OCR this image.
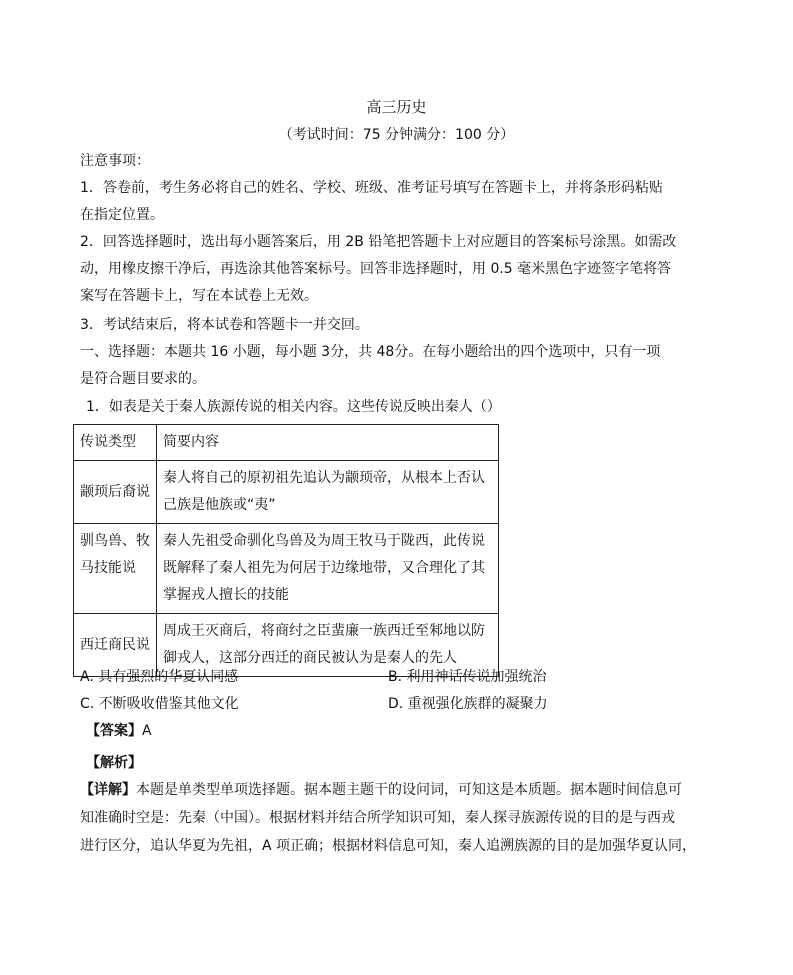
高三历史
（考试时间：75 分钟满分：100 分）
注意事项：
1．答卷前，考生务必将自己的姓名、学校、班级、准考证号填写在答题卡上，并将条形码粘贴
在指定位置。
2．回答选择题时，选出每小题答案后，用 2B 铅笔把答题卡上对应题目的答案标号涂黑。如需改
动，用橡皮擦干净后，再选涂其他答案标号。回答非选择题时，用 0.5 毫米黑色字迹签字笔将答
案写在答题卡上，写在本试卷上无效。
3．考试结束后，将本试卷和答题卡一并交回。
一、选择题：本题共 16 小题，每小题 3分，共 48分。在每小题给出的四个选项中，只有一项
是符合题目要求的。
1．如表是关于秦人族源传说的相关内容。这些传说反映出秦人（）
传说类型	简要内容
颛顼后裔说	秦人将自己的原初祖先追认为颛顼帝，从根本上否认己族是他族或“夷”
驯鸟兽、牧马技能说	秦人先祖受命驯化鸟兽及为周王牧马于陇西，此传说既解释了秦人祖先为何居于边缘地带，又合理化了其掌握戎人擅长的技能
西迁商民说	周成王灭商后，将商纣之臣蜚廉一族西迁至邾地以防御戎人，这部分西迁的商民被认为是秦人的先人
A. 具有强烈的华夏认同感	B. 利用神话传说加强统治
C. 不断吸收借鉴其他文化	D. 重视强化族群的凝聚力
【答案】A
【解析】
【详解】本题是单类型单项选择题。据本题主题干的设问词，可知这是本质题。据本题时间信息可
知准确时空是：先秦（中国）。根据材料并结合所学知识可知，秦人探寻族源传说的目的是与西戎
进行区分，追认华夏为先祖，A 项正确；根据材料信息可知，秦人追溯族源的目的是加强华夏认同，
